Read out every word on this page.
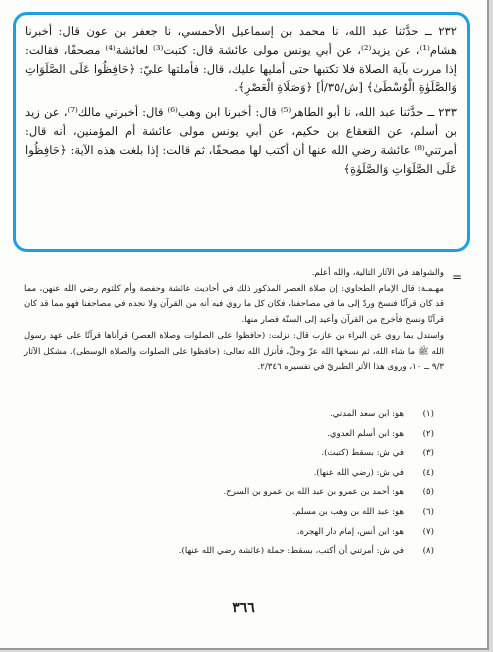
٢٣٢ ــ حدَّثنا عبد الله، نا محمد بن إسماعيل الأحمسي، نا جعفر بن عون قال: أخبرنا هشام⁽¹⁾، عن يزيد⁽²⁾، عن أبي يونس مولى عائشة قال: كتبت⁽³⁾ لعائشة⁽⁴⁾ مصحفًا، فقالت: إذا مررت بآية الصلاة فلا تكتبها حتى أمليها عليك، قال: فأملتها عليّ: ﴿حَافِظُوا عَلَى الصَّلَوَاتِ وَالصَّلَوٰةِ الْوُسْطَىٰ﴾ [ش/٣٥/أ] ﴿وَصَلَاةِ الْعَصْرِ﴾.

٢٣٣ ــ حدَّثنا عبد الله، نا أبو الطاهر⁽⁵⁾ قال: أخبرنا ابن وهب⁽⁶⁾ قال: أخبرني مالك⁽⁷⁾، عن زيد بن أسلم، عن القعقاع بن حكيم، عن أبي يونس مولى عائشة أم المؤمنين، أنه قال: أمرتني⁽⁸⁾ عائشة رضي الله عنها أن أكتب لها مصحفًا، ثم قالت: إذا بلغت هذه الآية: ﴿حَافِظُوا عَلَى الصَّلَوَاتِ وَالصَّلَوٰةِ﴾

=

والشواهد في الآثار التالية، والله أعلم.

مهـمـة: قال الإمام الطحاوي: إن صلاة العصر المذكور ذلك في أحاديث عائشة وحفصة وأم كلثوم رضي الله عنهن، مما قد كان قرآنًا فنسخ وردّ إلى ما في مصاحفنا، فكان كل ما روي فيه أنه من القرآن ولا نجده في مصاحفنا فهو مما قد كان قرآنًا ونسخ فأخرج من القرآن وأعيد إلى السنّة فصار منها.

واستدل بما روي عن البراء بن عازب قال: نزلت: (حافظوا على الصلوات وصلاة العصر) قرأناها قرآنًا على عهد رسول الله ﷺ ما شاء الله، ثم نسخها الله عزّ وجلّ، فأنزل الله تعالى: (حافظوا على الصلوات والصلاة الوسطى). مشكل الآثار ٩/٣ ــ ١٠، وروى هذا الأثر الطبريّ في تفسيره ٢/٣٤٦.

(١)
هو: ابن سعد المدني.
(٢)
هو: ابن أسلم العدوي.
(٣)
في ش: بسقط (كتبت).
(٤)
في ش: (رضي الله عنها).
(٥)
هو: أحمد بن عمرو بن عبد الله بن عمرو بن السرح.
(٦)
هو: عبد الله بن وهب بن مسلم.
(٧)
هو: ابن أنس، إمام دار الهجرة.
(٨)
في ش: أمرتني أن أكتب، بسقط: جملة (عائشة رضي الله عنها).
٣٦٦
